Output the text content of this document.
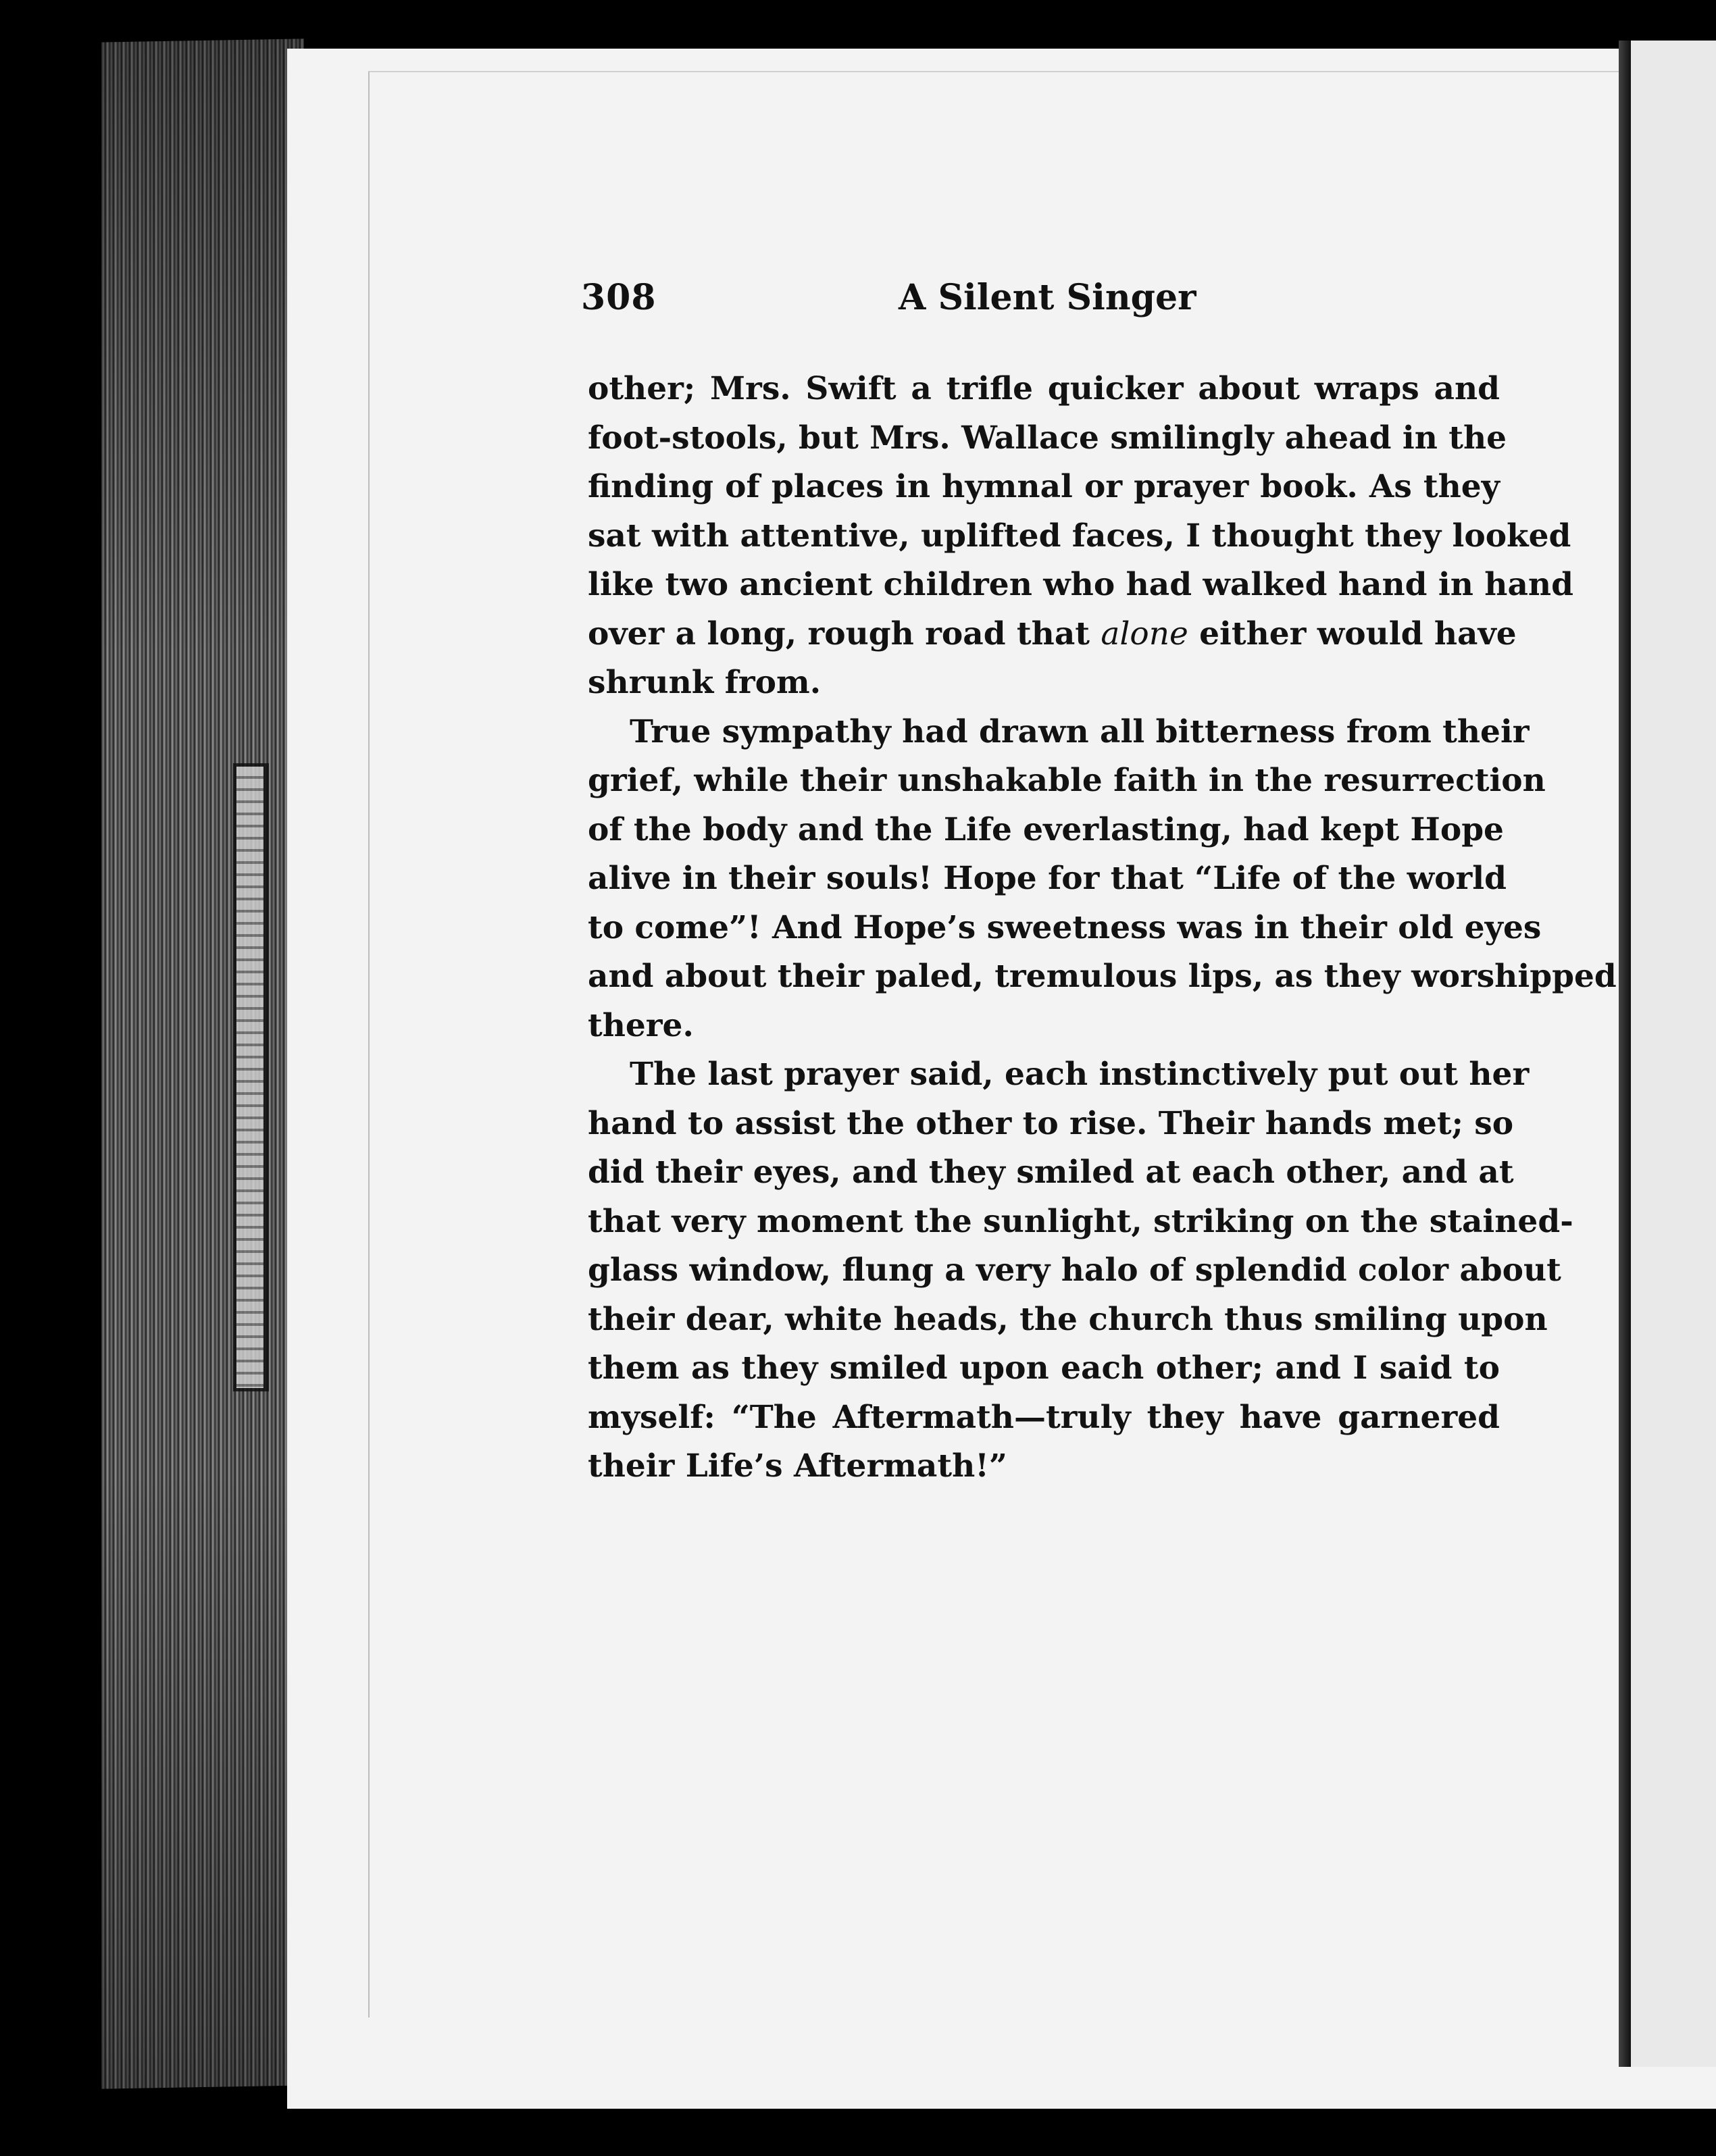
308	A Silent Singer

other; Mrs. Swift a trifle quicker about wraps and
foot-stools, but Mrs. Wallace smilingly ahead in the
finding of places in hymnal or prayer book. As they
sat with attentive, uplifted faces, I thought they looked
like two ancient children who had walked hand in hand
over a long, rough road that alone either would have
shrunk from.

True sympathy had drawn all bitterness from their
grief, while their unshakable faith in the resurrection
of the body and the Life everlasting, had kept Hope
alive in their souls! Hope for that “Life of the world
to come”! And Hope’s sweetness was in their old eyes
and about their paled, tremulous lips, as they worshipped
there.

The last prayer said, each instinctively put out her
hand to assist the other to rise. Their hands met; so
did their eyes, and they smiled at each other, and at
that very moment the sunlight, striking on the stained-
glass window, flung a very halo of splendid color about
their dear, white heads, the church thus smiling upon
them as they smiled upon each other; and I said to
myself: “The Aftermath—truly they have garnered
their Life’s Aftermath!”
